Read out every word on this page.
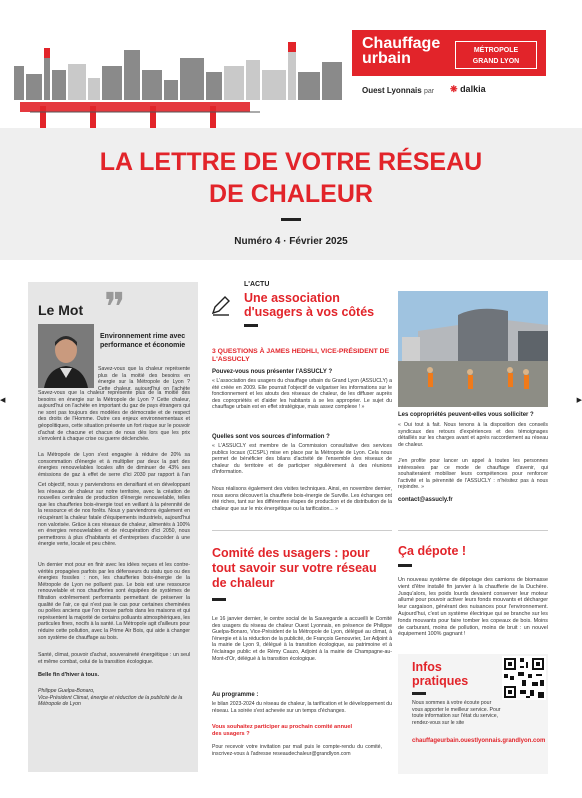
Chauffage
urbain	MÉTROPOLE
GRAND LYON
Ouest Lyonnais par ❋ dalkia
LA LETTRE DE VOTRE RÉSEAU
DE CHALEUR
Numéro 4 · Février 2025
◀	▶
Le Mot ❞
Environnement rime avec performance et économie
Savez-vous que la chaleur représente plus de la moitié des besoins en énergie sur la Métropole de Lyon ? Cette chaleur, aujourd'hui on l'achète
Savez-vous que la chaleur représente plus de la moitié des besoins en énergie sur la Métropole de Lyon ? Cette chaleur, aujourd'hui on l'achète en important du gaz de pays étrangers qui ne sont pas toujours des modèles de démocratie et de respect des droits de l'Homme. Outre ces enjeux environnementaux et géopolitiques, cette situation présente un fort risque sur le pouvoir d'achat de chacune et chacun de nous dès lors que les prix s'envolent à chaque crise ou guerre déclenchée.
La Métropole de Lyon s'est engagée à réduire de 20% sa consommation d'énergie et à multiplier par deux la part des énergies renouvelables locales afin de diminuer de 43% ses émissions de gaz à effet de serre d'ici 2030 par rapport à l'an
Cet objectif, nous y parviendrons en densifiant et en développant les réseaux de chaleur sur notre territoire, avec la création de nouvelles centrales de production d'énergie renouvelable, telles que les chaufferies bois-énergie tout en veillant à la pérennité de la ressource et de nos forêts. Nous y parviendrons également en récupérant la chaleur fatale d'équipements industriels, aujourd'hui non valorisée. Grâce à ces réseaux de chaleur, alimentés à 100% en énergies renouvelables et de récupération d'ici 2050, nous permettrons à plus d'habitants et d'entreprises d'accéder à une énergie verte, locale et peu chère.
Un dernier mot pour en finir avec les idées reçues et les contre-vérités propagées parfois par les défenseurs du statu quo ou des énergies fossiles : non, les chaufferies bois-énergie de la Métropole de Lyon ne polluent pas. Le bois est une ressource renouvelable et nos chaufferies sont équipées de systèmes de filtration extrêmement performants permettant de préserver la qualité de l'air, ce qui n'est pas le cas pour certaines cheminées ou poêles anciens que l'on trouve parfois dans les maisons et qui représentent la majorité de certains polluants atmosphériques, les particules fines, nocifs à la santé. La Métropole agit d'ailleurs pour réduire cette pollution, avec la Prime Air Bois, qui aide à changer son système de chauffage au bois.
Santé, climat, pouvoir d'achat, souveraineté énergétique : un seul et même combat, celui de la transition écologique.
Belle fin d'hiver à tous.
Philippe Guelpa-Bonaro,
Vice-Président Climat, énergie et réduction de la publicité de la Métropole de Lyon
L'ACTU
Une association d'usagers à vos côtés
3 QUESTIONS À JAMES HEDHLI, VICE-PRÉSIDENT DE L'ASSUCLY
Pouvez-vous nous présenter l'ASSUCLY ?
« L'association des usagers du chauffage urbain du Grand Lyon (ASSUCLY) a été créée en 2009. Elle pourrait l'objectif de vulgariser les informations sur le fonctionnement et les atouts des réseaux de chaleur, de les diffuser auprès des copropriétés et d'aider les habitants à se les approprier. Le sujet du chauffage urbain est en effet stratégique, mais assez complexe ! »
Quelles sont vos sources d'information ?
« L'ASSUCLY est membre de la Commission consultative des services publics locaux (CCSPL) mise en place par la Métropole de Lyon. Cela nous permet de bénéficier des bilans d'activité de l'ensemble des réseaux de chaleur du territoire et de participer régulièrement à des réunions d'information.
Nous réalisons également des visites techniques. Ainsi, en novembre dernier, nous avons découvert la chaufferie bois-énergie de Surville. Les échanges ont été riches, tant sur les différentes étapes de production et de distribution de la chaleur que sur le mix énergétique ou la tarification... »
Les copropriétés peuvent-elles vous solliciter ?
« Oui tout à fait. Nous tenons à la disposition des conseils syndicaux des retours d'expériences et des témoignages détaillés sur les charges avant et après raccordement au réseau de chaleur.
J'en profite pour lancer un appel à toutes les personnes intéressées par ce mode de chauffage d'avenir, qui souhaiteraient mobiliser leurs compétences pour renforcer l'activité et la pérennité de l'ASSUCLY : n'hésitez pas à nous rejoindre. »
contact@assucly.fr
Comité des usagers : pour tout savoir sur votre réseau de chaleur
Le 16 janvier dernier, le centre social de la Sauvegarde a accueilli le Comité des usagers du réseau de chaleur Ouest Lyonnais, en présence de Philippe Guelpa-Bonaro, Vice-Président de la Métropole de Lyon, délégué au climat, à l'énergie et à la réduction de la publicité, de François Genouvrier, 1er Adjoint à la mairie de Lyon 9, délégué à la transition écologique, au patrimoine et à l'éclairage public et de Rémy Cauzo, Adjoint à la mairie de Champagne-au-Mont-d'Or, délégué à la transition écologique.
Au programme :
le bilan 2023-2024 du réseau de chaleur, la tarification et le développement du réseau. La soirée s'est achevée sur un temps d'échanges.
Vous souhaitez participer au prochain comité annuel des usagers ?
Pour recevoir votre invitation par mail puis le compte-rendu du comité, inscrivez-vous à l'adresse reseaudechaleur@grandlyon.com
Ça dépote !
Un nouveau système de dépotage des camions de biomasse vient d'être installé fin janvier à la chaufferie de la Duchère. Jusqu'alors, les poids lourds devaient conserver leur moteur allumé pour pouvoir activer leurs fonds mouvants et décharger leur cargaison, générant des nuisances pour l'environnement. Aujourd'hui, c'est un système électrique qui se branche sur les fonds mouvants pour faire tomber les copeaux de bois. Moins de carburant, moins de pollution, moins de bruit : un nouvel équipement 100% gagnant !
Infos
pratiques
Nous sommes à votre écoute pour vous apporter le meilleur service. Pour toute information sur l'état du service, rendez-vous sur le site
chauffageurbain.ouestlyonnais.grandlyon.com
